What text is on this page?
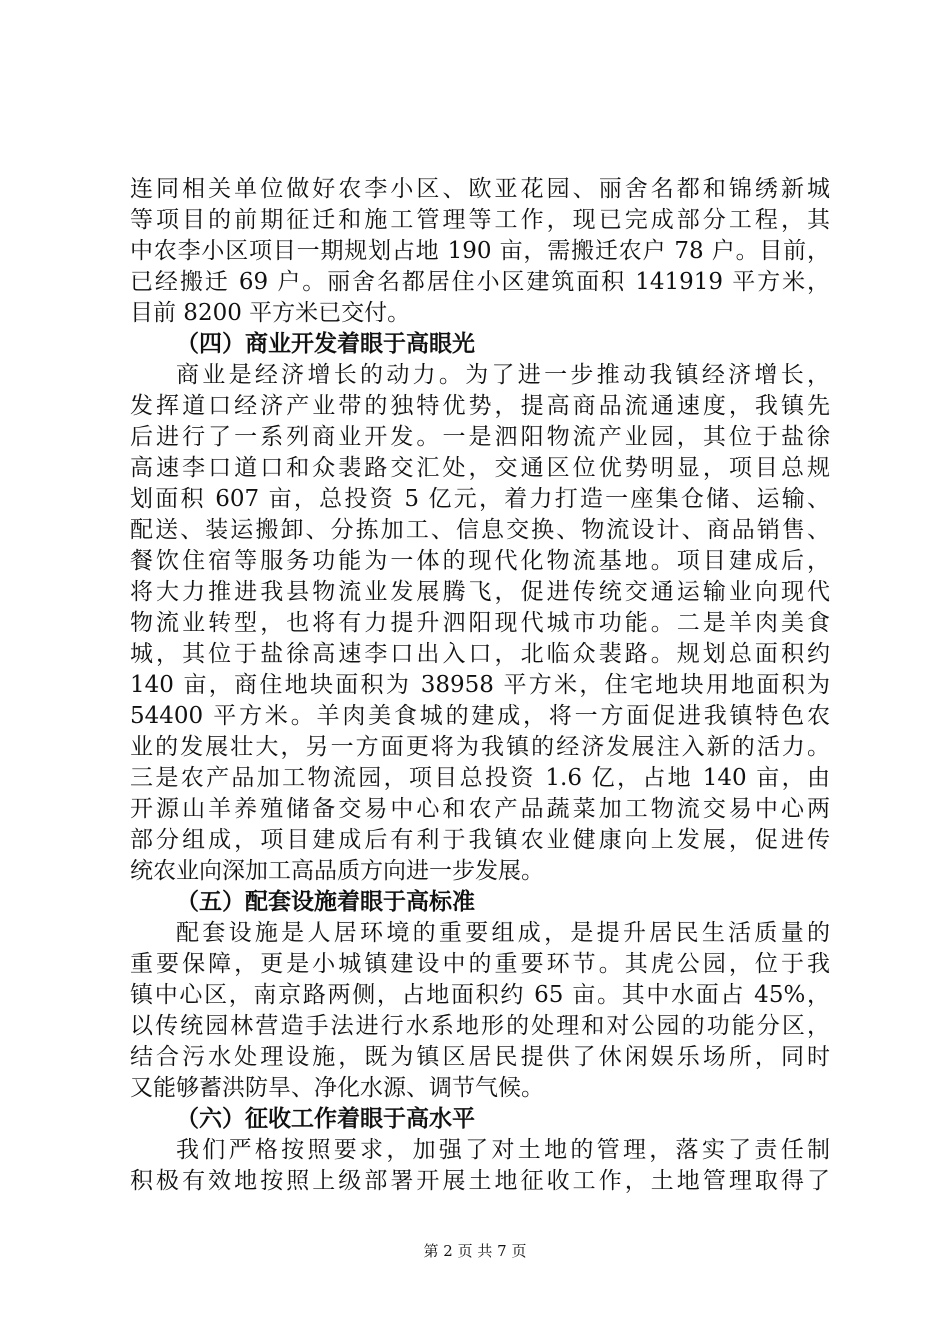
连同相关单位做好农李小区、欧亚花园、丽舍名都和锦绣新城
等项目的前期征迁和施工管理等工作，现已完成部分工程，其
中农李小区项目一期规划占地 190 亩，需搬迁农户 78 户。目前，
已经搬迁 69 户。丽舍名都居住小区建筑面积 141919 平方米，
目前 8200 平方米已交付。
（四）商业开发着眼于高眼光
商业是经济增长的动力。为了进一步推动我镇经济增长，
发挥道口经济产业带的独特优势，提高商品流通速度，我镇先
后进行了一系列商业开发。一是泗阳物流产业园，其位于盐徐
高速李口道口和众裴路交汇处，交通区位优势明显，项目总规
划面积 607 亩，总投资 5 亿元，着力打造一座集仓储、运输、
配送、装运搬卸、分拣加工、信息交换、物流设计、商品销售、
餐饮住宿等服务功能为一体的现代化物流基地。项目建成后，
将大力推进我县物流业发展腾飞，促进传统交通运输业向现代
物流业转型，也将有力提升泗阳现代城市功能。二是羊肉美食
城，其位于盐徐高速李口出入口，北临众裴路。规划总面积约
140 亩，商住地块面积为 38958 平方米，住宅地块用地面积为
54400 平方米。羊肉美食城的建成，将一方面促进我镇特色农
业的发展壮大，另一方面更将为我镇的经济发展注入新的活力。
三是农产品加工物流园，项目总投资 1.6 亿，占地 140 亩，由
开源山羊养殖储备交易中心和农产品蔬菜加工物流交易中心两
部分组成，项目建成后有利于我镇农业健康向上发展，促进传
统农业向深加工高品质方向进一步发展。
（五）配套设施着眼于高标准
配套设施是人居环境的重要组成，是提升居民生活质量的
重要保障，更是小城镇建设中的重要环节。其虎公园，位于我
镇中心区，南京路两侧，占地面积约 65 亩。其中水面占 45%，
以传统园林营造手法进行水系地形的处理和对公园的功能分区，
结合污水处理设施，既为镇区居民提供了休闲娱乐场所，同时
又能够蓄洪防旱、净化水源、调节气候。
（六）征收工作着眼于高水平
我们严格按照要求，加强了对土地的管理，落实了责任制
积极有效地按照上级部署开展土地征收工作，土地管理取得了
第 2 页 共 7 页
